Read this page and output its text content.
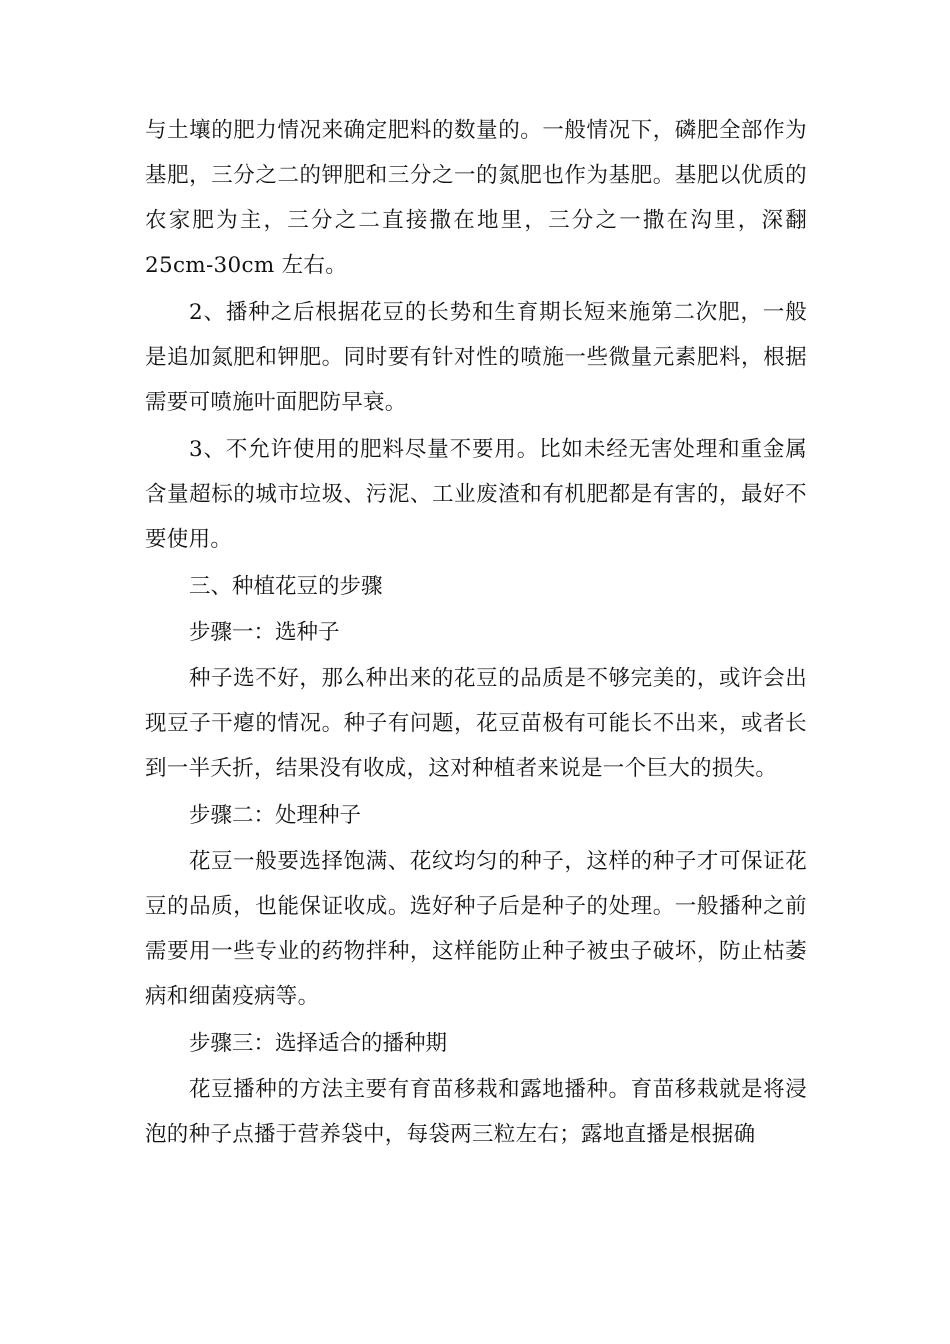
与土壤的肥力情况来确定肥料的数量的。一般情况下，磷肥全部作为基肥，三分之二的钾肥和三分之一的氮肥也作为基肥。基肥以优质的农家肥为主，三分之二直接撒在地里，三分之一撒在沟里，深翻 25cm-30cm 左右。

2、播种之后根据花豆的长势和生育期长短来施第二次肥，一般是追加氮肥和钾肥。同时要有针对性的喷施一些微量元素肥料，根据需要可喷施叶面肥防早衰。

3、不允许使用的肥料尽量不要用。比如未经无害处理和重金属含量超标的城市垃圾、污泥、工业废渣和有机肥都是有害的，最好不要使用。

三、种植花豆的步骤

步骤一：选种子

种子选不好，那么种出来的花豆的品质是不够完美的，或许会出现豆子干瘪的情况。种子有问题，花豆苗极有可能长不出来，或者长到一半夭折，结果没有收成，这对种植者来说是一个巨大的损失。

步骤二：处理种子

花豆一般要选择饱满、花纹均匀的种子，这样的种子才可保证花豆的品质，也能保证收成。选好种子后是种子的处理。一般播种之前需要用一些专业的药物拌种，这样能防止种子被虫子破坏，防止枯萎病和细菌疫病等。

步骤三：选择适合的播种期

花豆播种的方法主要有育苗移栽和露地播种。育苗移栽就是将浸泡的种子点播于营养袋中，每袋两三粒左右；露地直播是根据确
